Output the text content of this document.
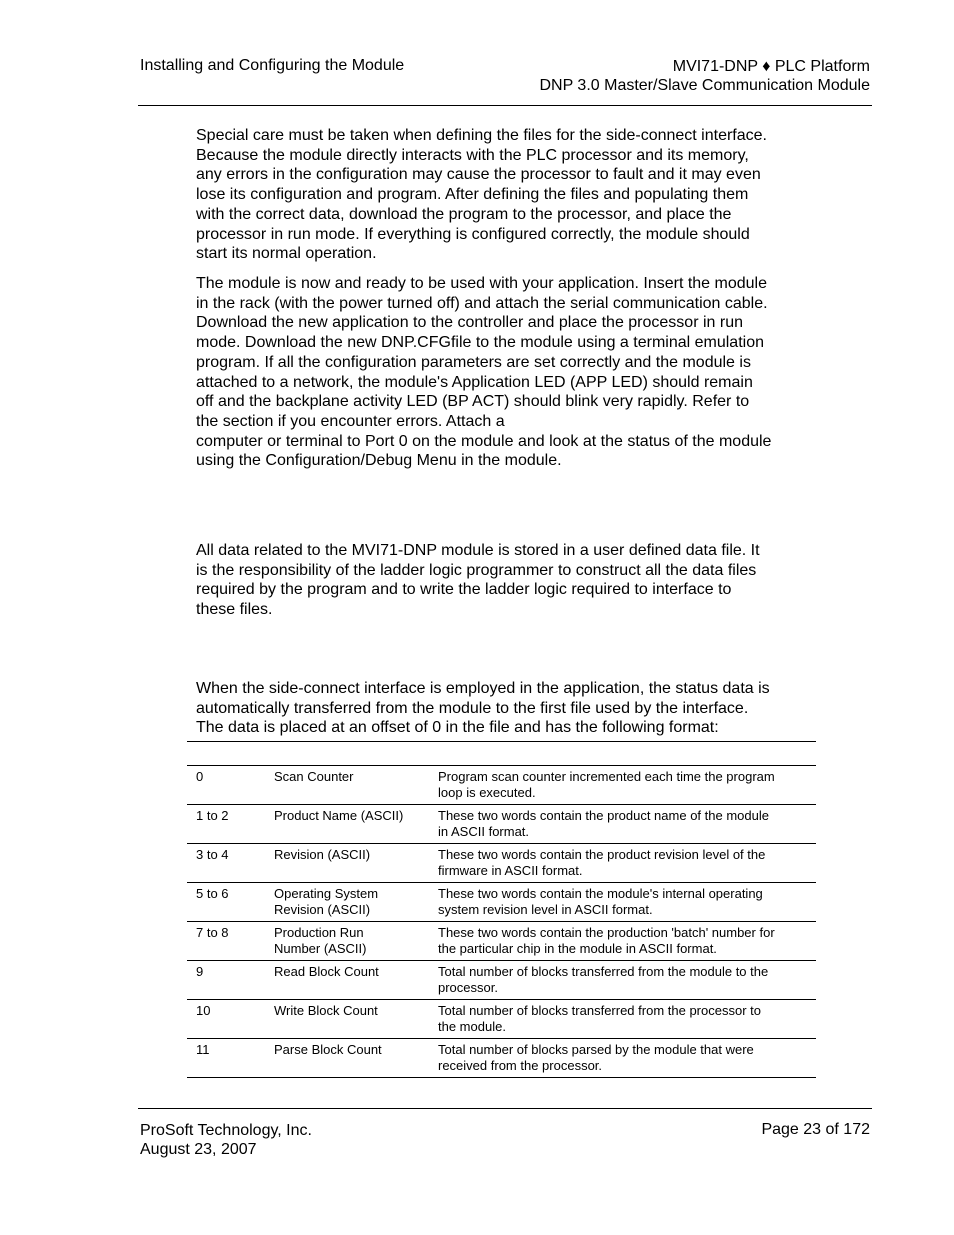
Installing and Configuring the Module	MVI71-DNP ♦ PLC Platform
DNP 3.0 Master/Slave Communication Module

Special care must be taken when defining the files for the side-connect interface.
Because the module directly interacts with the PLC processor and its memory,
any errors in the configuration may cause the processor to fault and it may even
lose its configuration and program. After defining the files and populating them
with the correct data, download the program to the processor, and place the
processor in run mode. If everything is configured correctly, the module should
start its normal operation.

The module is now and ready to be used with your application. Insert the module
in the rack (with the power turned off) and attach the serial communication cable.
Download the new application to the controller and place the processor in run
mode. Download the new DNP.CFGfile to the module using a terminal emulation
program. If all the configuration parameters are set correctly and the module is
attached to a network, the module's Application LED (APP LED) should remain
off and the backplane activity LED (BP ACT) should blink very rapidly. Refer to
the section if you encounter errors. Attach a
computer or terminal to Port 0 on the module and look at the status of the module
using the Configuration/Debug Menu in the module.

All data related to the MVI71-DNP module is stored in a user defined data file. It
is the responsibility of the ladder logic programmer to construct all the data files
required by the program and to write the ladder logic required to interface to
these files.

When the side-connect interface is employed in the application, the status data is
automatically transferred from the module to the first file used by the interface.
The data is placed at an offset of 0 in the file and has the following format:

0	Scan Counter	Program scan counter incremented each time the program
loop is executed.
1 to 2	Product Name (ASCII)	These two words contain the product name of the module
in ASCII format.
3 to 4	Revision (ASCII)	These two words contain the product revision level of the
firmware in ASCII format.
5 to 6	Operating System
Revision (ASCII)	These two words contain the module's internal operating
system revision level in ASCII format.
7 to 8	Production Run
Number (ASCII)	These two words contain the production 'batch' number for
the particular chip in the module in ASCII format.
9	Read Block Count	Total number of blocks transferred from the module to the
processor.
10	Write Block Count	Total number of blocks transferred from the processor to
the module.
11	Parse Block Count	Total number of blocks parsed by the module that were
received from the processor.
ProSoft Technology, Inc.
August 23, 2007
Page 23 of 172
